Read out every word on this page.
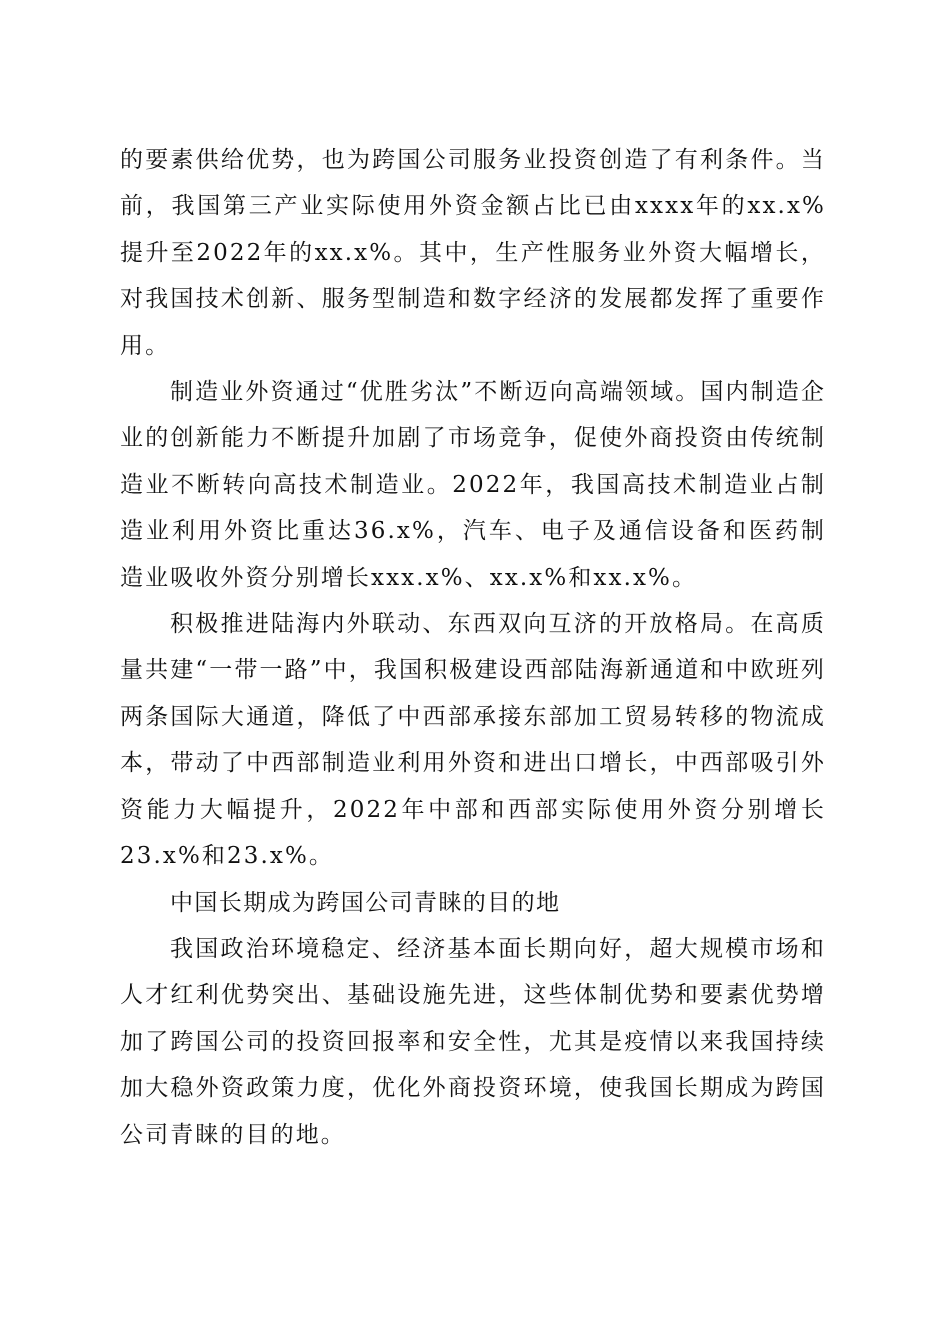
的要素供给优势，也为跨国公司服务业投资创造了有利条件。当前，我国第三产业实际使用外资金额占比已由xxxx年的xx.x%提升至2022年的xx.x%。其中，生产性服务业外资大幅增长，对我国技术创新、服务型制造和数字经济的发展都发挥了重要作用。

制造业外资通过“优胜劣汰”不断迈向高端领域。国内制造企业的创新能力不断提升加剧了市场竞争，促使外商投资由传统制造业不断转向高技术制造业。2022年，我国高技术制造业占制造业利用外资比重达36.x%，汽车、电子及通信设备和医药制造业吸收外资分别增长xxx.x%、xx.x%和xx.x%。

积极推进陆海内外联动、东西双向互济的开放格局。在高质量共建“一带一路”中，我国积极建设西部陆海新通道和中欧班列两条国际大通道，降低了中西部承接东部加工贸易转移的物流成本，带动了中西部制造业利用外资和进出口增长，中西部吸引外资能力大幅提升，2022年中部和西部实际使用外资分别增长23.x%和23.x%。

中国长期成为跨国公司青睐的目的地

我国政治环境稳定、经济基本面长期向好，超大规模市场和人才红利优势突出、基础设施先进，这些体制优势和要素优势增加了跨国公司的投资回报率和安全性，尤其是疫情以来我国持续加大稳外资政策力度，优化外商投资环境，使我国长期成为跨国公司青睐的目的地。
